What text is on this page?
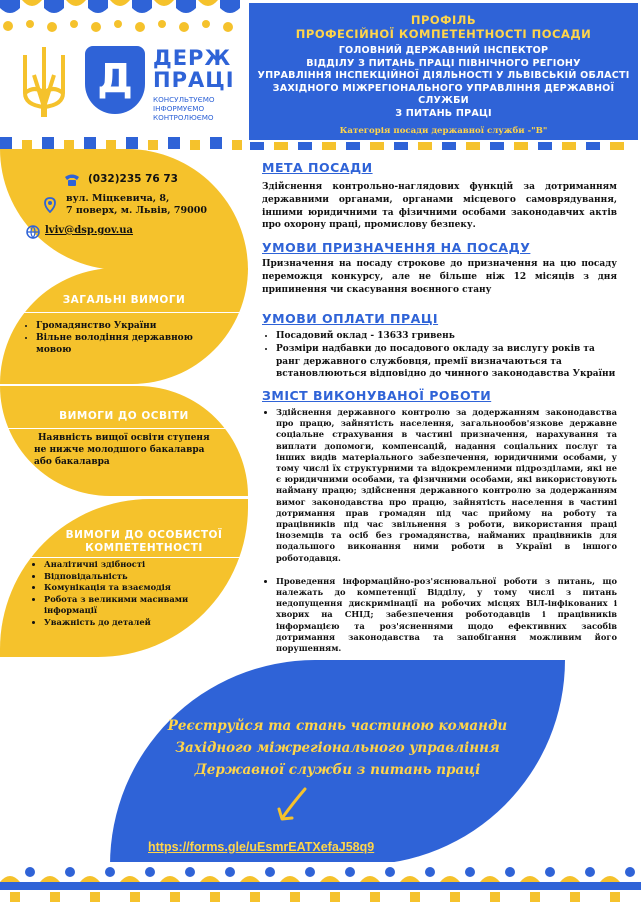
Д ДЕРЖ
ПРАЦІ
КОНСУЛЬТУЄМО
ІНФОРМУЄМО
КОНТРОЛЮЄМО
ПРОФІЛЬ
ПРОФЕСІЙНОЇ КОМПЕТЕНТНОСТІ ПОСАДИ
ГОЛОВНИЙ ДЕРЖАВНИЙ ІНСПЕКТОР
ВІДДІЛУ З ПИТАНЬ ПРАЦІ ПІВНІЧНОГО РЕГІОНУ
УПРАВЛІННЯ ІНСПЕКЦІЙНОЇ ДІЯЛЬНОСТІ У ЛЬВІВСЬКІЙ ОБЛАСТІ
ЗАХІДНОГО МІЖРЕГІОНАЛЬНОГО УПРАВЛІННЯ ДЕРЖАВНОЇ СЛУЖБИ
З ПИТАНЬ ПРАЦІ
Категорія посади державної служби -"В"
(032)235 76 73
вул. Міцкевича, 8,
7 поверх, м. Львів, 79000
lviv@dsp.gov.ua
ЗАГАЛЬНІ ВИМОГИ
• Громадянство України
• Вільне володіння державною мовою
ВИМОГИ ДО ОСВІТИ
Наявність вищої освіти ступеня не нижче молодшого бакалавра або бакалавра
ВИМОГИ ДО ОСОБИСТОЇ
КОМПЕТЕНТНОСТІ
• Аналітичні здібності
• Відповідальність
• Комунікація та взаємодія
• Робота з великими масивами інформації
• Уважність до деталей
МЕТА ПОСАДИ
Здійснення контрольно-наглядових функцій за дотриманням державними органами, органами місцевого самоврядування, іншими юридичними та фізичними особами законодавчих актів про охорону праці, промислову безпеку.
УМОВИ ПРИЗНАЧЕННЯ НА ПОСАДУ
Призначення на посаду строкове до призначення на цю посаду переможця конкурсу, але не більше ніж 12 місяців з дня припинення чи скасування воєнного стану
УМОВИ ОПЛАТИ ПРАЦІ
• Посадовий оклад - 13633 гривень
• Розміри надбавки до посадового окладу за вислугу років та ранг державного службовця, премії визначаються та встановлюються відповідно до чинного законодавства України
ЗМІСТ ВИКОНУВАНОЇ РОБОТИ
• Здійснення державного контролю за додержанням законодавства про працю, зайнятість населення, загальнообов'язкове державне соціальне страхування в частині призначення, нарахування та виплати допомоги, компенсацій, надання соціальних послуг та інших видів матеріального забезпечення, юридичними особами, у тому числі їх структурними та відокремленими підрозділами, які не є юридичними особами, та фізичними особами, які використовують найману працю; здійснення державного контролю за додержанням вимог законодавства про працю, зайнятість населення в частині дотримання прав громадян під час прийому на роботу та працівників під час звільнення з роботи, використання праці іноземців та осіб без громадянства, найманих працівників для подальшого виконання ними роботи в Україні в іншого роботодавця.
• Проведення інформаційно-роз'яснювальної роботи з питань, що належать до компетенції Відділу, у тому числі з питань недопущення дискримінації на робочих місцях ВІЛ-інфікованих і хворих на СНІД; забезпечення роботодавців і працівників інформацією та роз'ясненнями щодо ефективних засобів дотримання законодавства та запобігання можливим його порушенням.
Реєструйся та стань частиною команди
Західного міжрегіонального управління
Державної служби з питань праці
https://forms.gle/uEsmrEATXefaJ58q9
